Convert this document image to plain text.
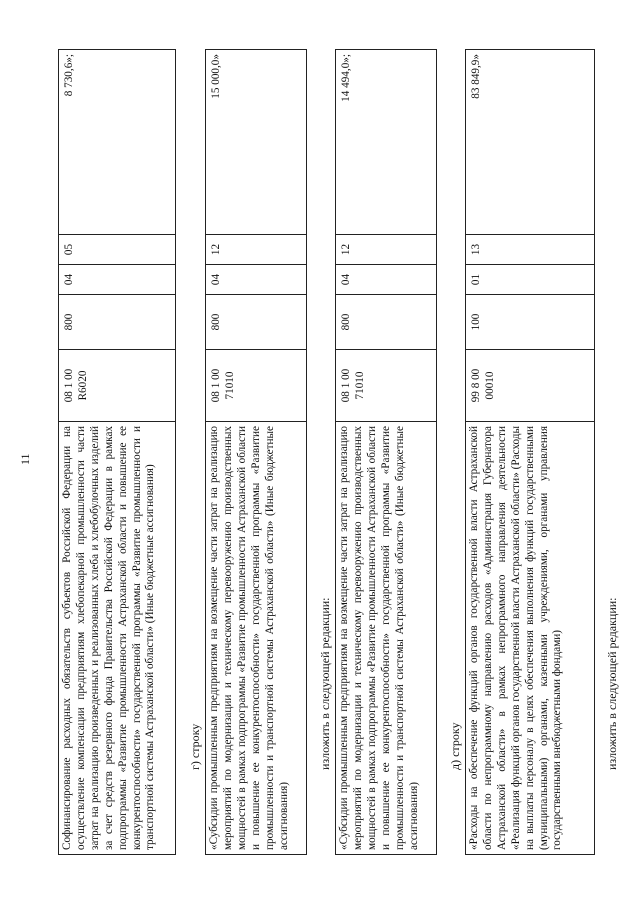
11	Софинансирование расходных обязательств субъектов Российской Федерации на осуществление компенсации предприятиям хлебопекарной промышленности части затрат на реализацию произведенных и реализованных хлеба и хлебобулочных изделий за счет средств резервного фонда Правительства Российской Федерации в рамках подпрограммы «Развитие промышленности Астраханской области и повышение ее конкурентоспособности» государственной программы «Развитие промышленности и транспортной системы Астраханской области» (Иные бюджетные ассигнования)	08 1 00 R6020	800	04	05	8 730,6»;
г) строку «Субсидии промышленным предприятиям на возмещение части затрат на реализацию мероприятий по модернизации и техническому перевооружению производственных мощностей в рамках подпрограммы «Развитие промышленности Астраханской области и повышение ее конкурентоспособности» государственной программы «Развитие промышленности и транспортной системы Астраханской области» (Иные бюджетные ассигнования)	08 1 00 71010	800	04	12	15 000,0»
изложить в следующей редакции: «Субсидии промышленным предприятиям на возмещение части затрат на реализацию мероприятий по модернизации и техническому перевооружению производственных мощностей в рамках подпрограммы «Развитие промышленности Астраханской области и повышение ее конкурентоспособности» государственной программы «Развитие промышленности и транспортной системы Астраханской области» (Иные бюджетные ассигнования)	08 1 00 71010	800	04	12	14 494,0»;
д) строку «Расходы на обеспечение функций органов государственной власти Астраханской области по непрограммному направлению расходов «Администрация Губернатора Астраханской области» в рамках непрограммного направления деятельности «Реализация функций органов государственной власти Астраханской области» (Расходы на выплаты персоналу в целях обеспечения выполнения функций государственными (муниципальными) органами, казенными учреждениями, органами управления государственными внебюджетными фондами)	99 8 00 00010	100	01	13	83 849,9»
изложить в следующей редакции:
